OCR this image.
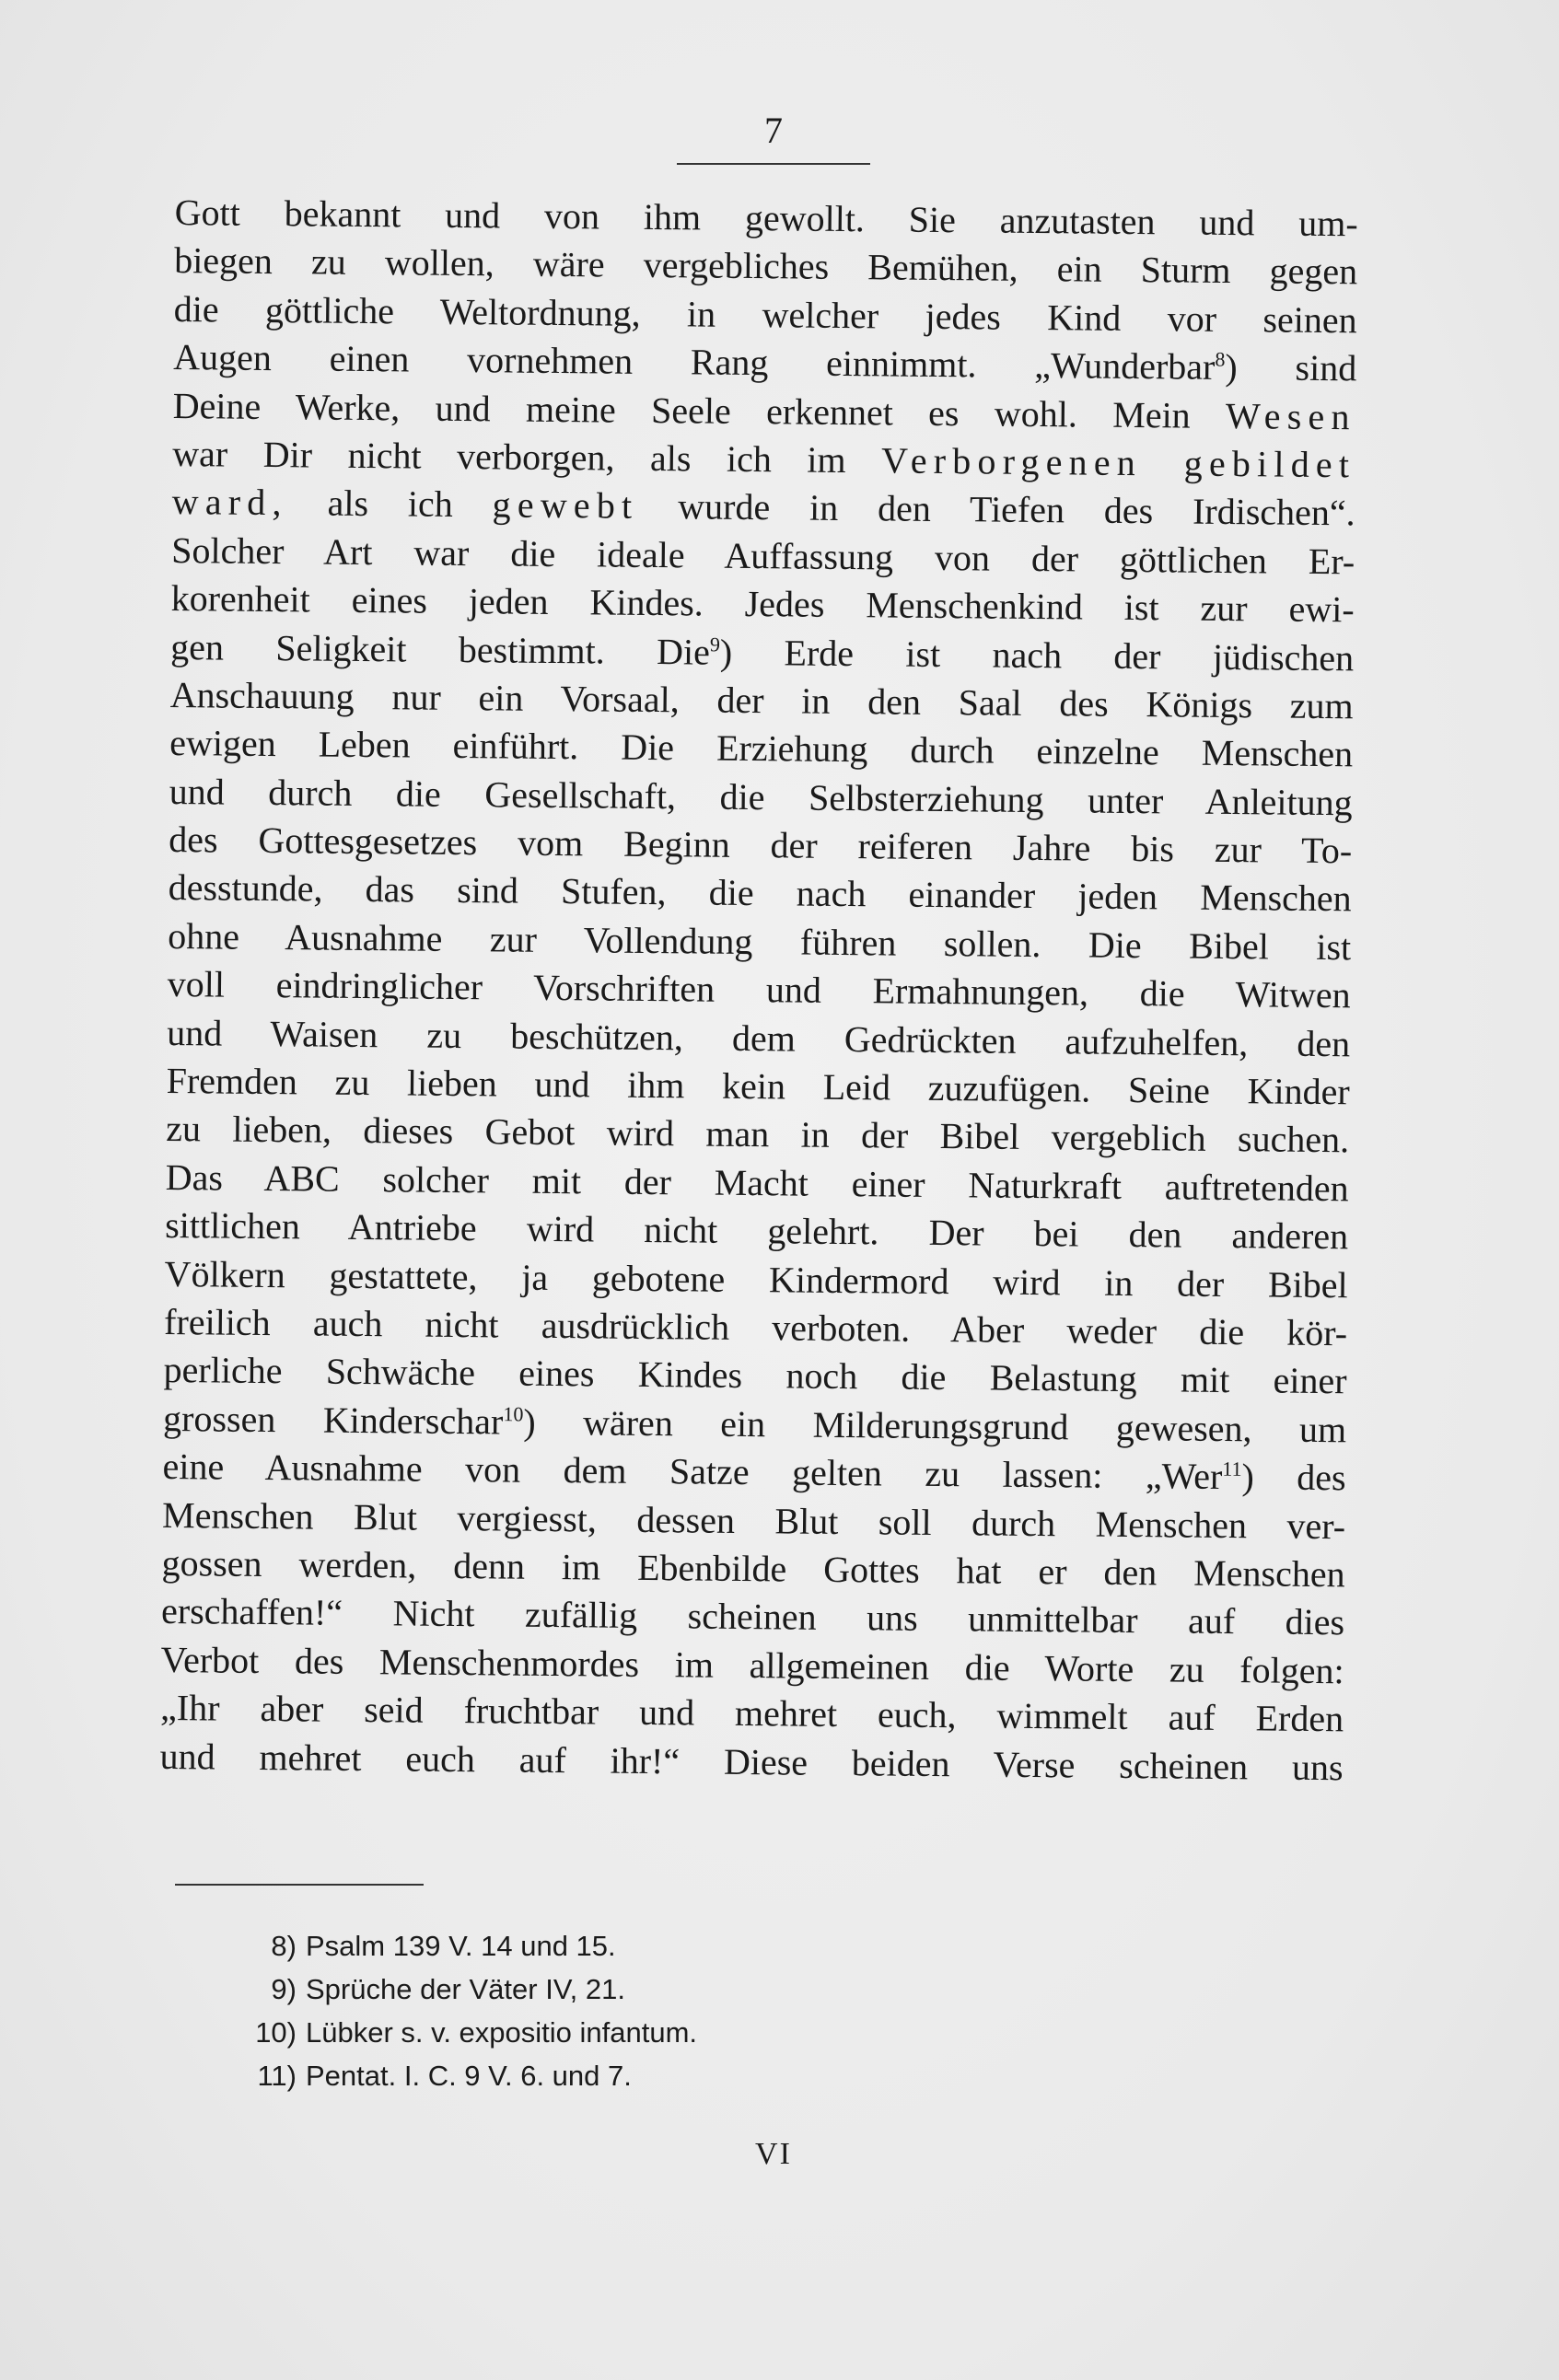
7
Gott bekannt und von ihm gewollt. Sie anzutasten und um-
biegen zu wollen, wäre vergebliches Bemühen, ein Sturm gegen
die göttliche Weltordnung, in welcher jedes Kind vor seinen
Augen einen vornehmen Rang einnimmt. „Wunderbar$^8$) sind
Deine Werke, und meine Seele erkennet es wohl. Mein Wesen
war Dir nicht verborgen, als ich im Verborgenen gebildet
ward, als ich gewebt wurde in den Tiefen des Irdischen“.
Solcher Art war die ideale Auffassung von der göttlichen Er-
korenheit eines jeden Kindes. Jedes Menschenkind ist zur ewi-
gen Seligkeit bestimmt. Die$^9$) Erde ist nach der jüdischen
Anschauung nur ein Vorsaal, der in den Saal des Königs zum
ewigen Leben einführt. Die Erziehung durch einzelne Menschen
und durch die Gesellschaft, die Selbsterziehung unter Anleitung
des Gottesgesetzes vom Beginn der reiferen Jahre bis zur To-
desstunde, das sind Stufen, die nach einander jeden Menschen
ohne Ausnahme zur Vollendung führen sollen. Die Bibel ist
voll eindringlicher Vorschriften und Ermahnungen, die Witwen
und Waisen zu beschützen, dem Gedrückten aufzuhelfen, den
Fremden zu lieben und ihm kein Leid zuzufügen. Seine Kinder
zu lieben, dieses Gebot wird man in der Bibel vergeblich suchen.
Das ABC solcher mit der Macht einer Naturkraft auftretenden
sittlichen Antriebe wird nicht gelehrt. Der bei den anderen
Völkern gestattete, ja gebotene Kindermord wird in der Bibel
freilich auch nicht ausdrücklich verboten. Aber weder die kör-
perliche Schwäche eines Kindes noch die Belastung mit einer
grossen Kinderschar$^{10}$) wären ein Milderungsgrund gewesen, um
eine Ausnahme von dem Satze gelten zu lassen: „Wer$^{11}$) des
Menschen Blut vergiesst, dessen Blut soll durch Menschen ver-
gossen werden, denn im Ebenbilde Gottes hat er den Menschen
erschaffen!“ Nicht zufällig scheinen uns unmittelbar auf dies
Verbot des Menschenmordes im allgemeinen die Worte zu folgen:
„Ihr aber seid fruchtbar und mehret euch, wimmelt auf Erden
und mehret euch auf ihr!“ Diese beiden Verse scheinen uns
8) Psalm 139 V. 14 und 15.
9) Sprüche der Väter IV, 21.
10) Lübker s. v. expositio infantum.
11) Pentat. I. C. 9 V. 6. und 7.
VI
